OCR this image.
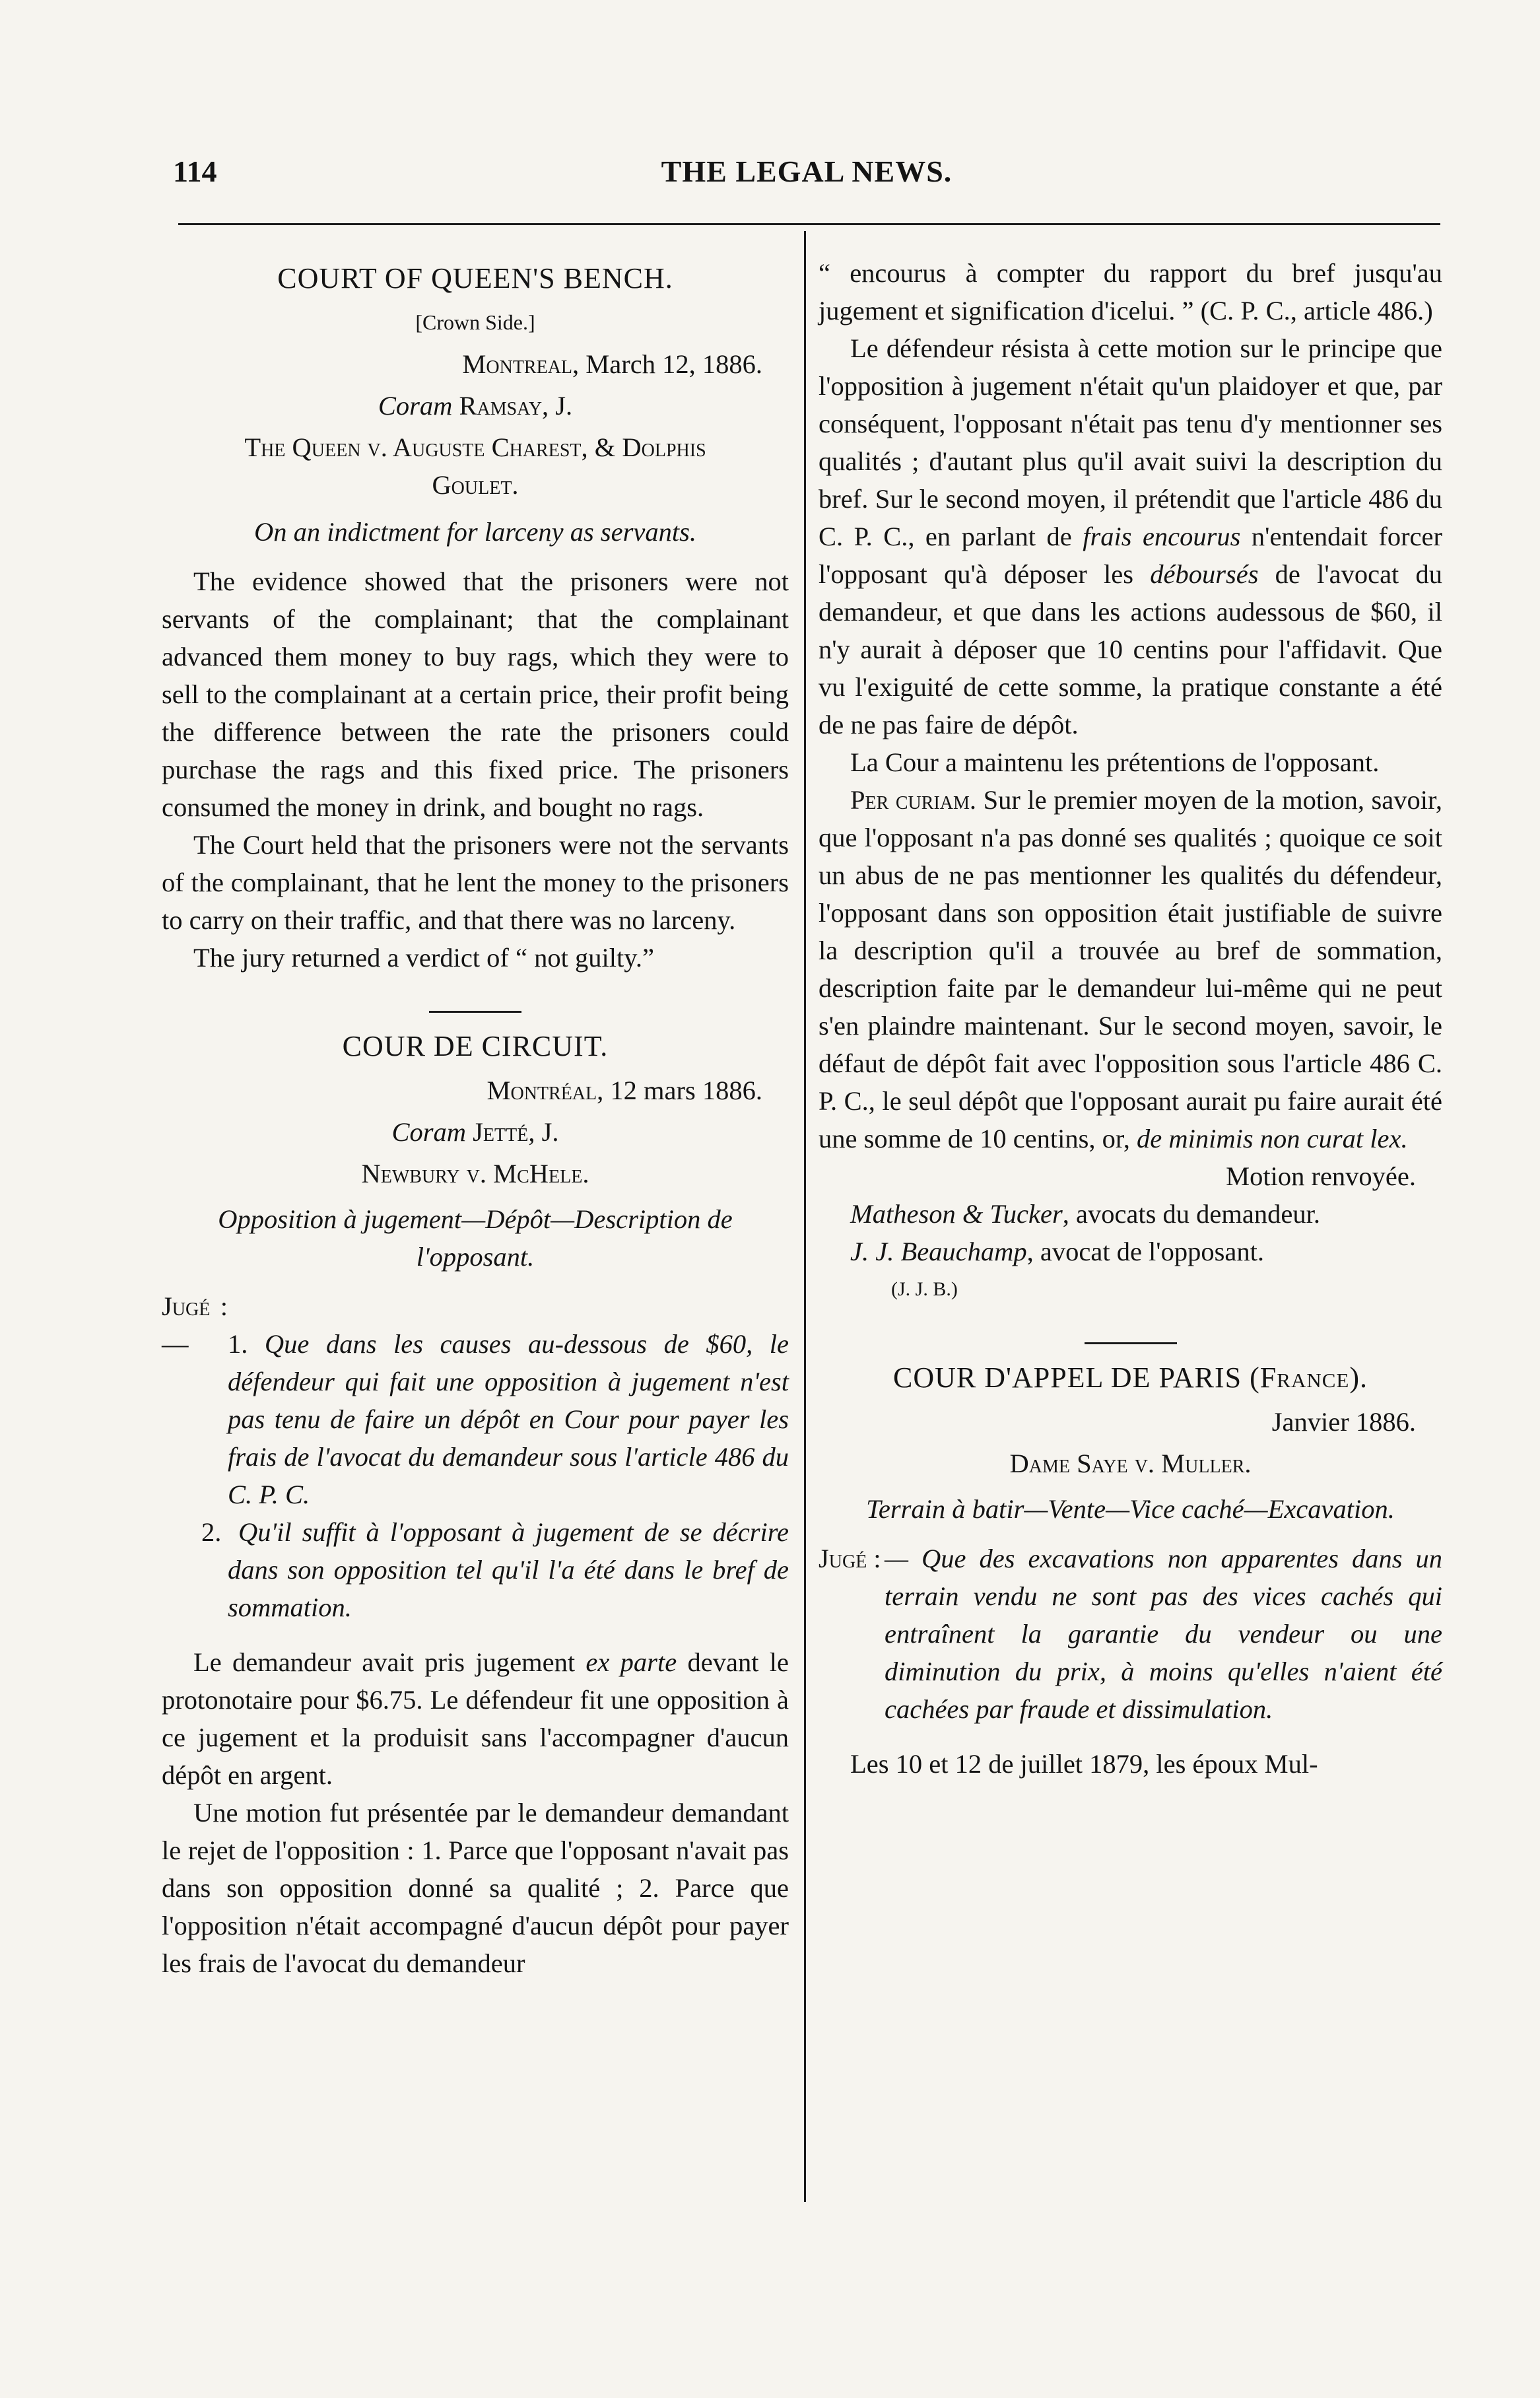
114	THE LEGAL NEWS.
COURT OF QUEEN'S BENCH.

[Crown Side.]

Montreal, March 12, 1886.

Coram Ramsay, J.

The Queen v. Auguste Charest, & Dolphis
Goulet.

On an indictment for larceny as servants.

The evidence showed that the prisoners were not servants of the complainant; that the complainant advanced them money to buy rags, which they were to sell to the complainant at a certain price, their profit being the difference between the rate the prisoners could purchase the rags and this fixed price. The prisoners consumed the money in drink, and bought no rags.

The Court held that the prisoners were not the servants of the complainant, that he lent the money to the prisoners to carry on their traffic, and that there was no larceny.

The jury returned a verdict of “ not guilty.”

COUR DE CIRCUIT.

Montréal, 12 mars 1886.

Coram Jetté, J.

Newbury v. McHele.

Opposition à jugement—Dépôt—Description de l'opposant.

Jugé :— 1. Que dans les causes au-dessous de $60, le défendeur qui fait une opposition à jugement n'est pas tenu de faire un dépôt en Cour pour payer les frais de l'avocat du demandeur sous l'article 486 du C. P. C.

2. Qu'il suffit à l'opposant à jugement de se décrire dans son opposition tel qu'il l'a été dans le bref de sommation.

Le demandeur avait pris jugement ex parte devant le protonotaire pour $6.75. Le défendeur fit une opposition à ce jugement et la produisit sans l'accompagner d'aucun dépôt en argent.

Une motion fut présentée par le demandeur demandant le rejet de l'opposition : 1. Parce que l'opposant n'avait pas dans son opposition donné sa qualité ; 2. Parce que l'opposition n'était accompagné d'aucun dépôt pour payer les frais de l'avocat du demandeur

“ encourus à compter du rapport du bref jusqu'au jugement et signification d'icelui. ” (C. P. C., article 486.)

Le défendeur résista à cette motion sur le principe que l'opposition à jugement n'était qu'un plaidoyer et que, par conséquent, l'opposant n'était pas tenu d'y mentionner ses qualités ; d'autant plus qu'il avait suivi la description du bref. Sur le second moyen, il prétendit que l'article 486 du C. P. C., en parlant de frais encourus n'entendait forcer l'opposant qu'à déposer les déboursés de l'avocat du demandeur, et que dans les actions audessous de $60, il n'y aurait à déposer que 10 centins pour l'affidavit. Que vu l'exiguité de cette somme, la pratique constante a été de ne pas faire de dépôt.

La Cour a maintenu les prétentions de l'opposant.

Per curiam. Sur le premier moyen de la motion, savoir, que l'opposant n'a pas donné ses qualités ; quoique ce soit un abus de ne pas mentionner les qualités du défendeur, l'opposant dans son opposition était justifiable de suivre la description qu'il a trouvée au bref de sommation, description faite par le demandeur lui-même qui ne peut s'en plaindre maintenant. Sur le second moyen, savoir, le défaut de dépôt fait avec l'opposition sous l'article 486 C. P. C., le seul dépôt que l'opposant aurait pu faire aurait été une somme de 10 centins, or, de minimis non curat lex.

Motion renvoyée.

Matheson & Tucker, avocats du demandeur.

J. J. Beauchamp, avocat de l'opposant.

(J. J. B.)

COUR D'APPEL DE PARIS (France).

Janvier 1886.

Dame Saye v. Muller.

Terrain à batir—Vente—Vice caché—Excavation.

Jugé : — Que des excavations non apparentes dans un terrain vendu ne sont pas des vices cachés qui entraînent la garantie du vendeur ou une diminution du prix, à moins qu'elles n'aient été cachées par fraude et dissimulation.

Les 10 et 12 de juillet 1879, les époux Mul-
